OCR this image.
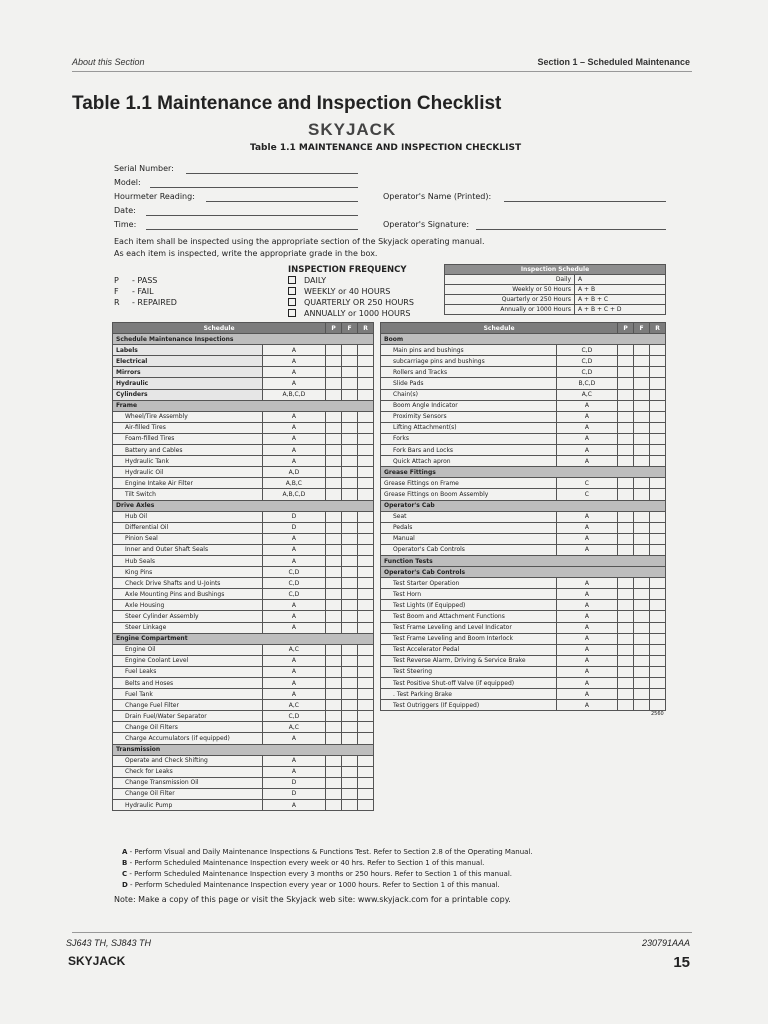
About this Section	Section 1 – Scheduled Maintenance
Table 1.1 Maintenance and Inspection Checklist
SKYJACK
Table 1.1 MAINTENANCE AND INSPECTION CHECKLIST
Serial Number:
Model:
Hourmeter Reading:
Date:
Time:
Operator's Name (Printed):
Operator's Signature:
Each item shall be inspected using the appropriate section of the Skyjack operating manual.
As each item is inspected, write the appropriate grade in the box.
P - PASS
F - FAIL
R - REPAIRED
INSPECTION FREQUENCY
DAILY
WEEKLY or 40 HOURS
QUARTERLY OR 250 HOURS
ANNUALLY or 1000 HOURS
Inspection Schedule	
Daily	A
Weekly or 50 Hours	A + B
Quarterly or 250 Hours	A + B + C
Annually or 1000 Hours	A + B + C + D
Schedule		P	F	R
Schedule Maintenance Inspections				
Labels	A			
Electrical	A			
Mirrors	A			
Hydraulic	A			
Cylinders	A,B,C,D			
Frame				
Wheel/Tire Assembly	A			
Air-filled Tires	A			
Foam-filled Tires	A			
Battery and Cables	A			
Hydraulic Tank	A			
Hydraulic Oil	A,D			
Engine Intake Air Filter	A,B,C			
Tilt Switch	A,B,C,D			
Drive Axles				
Hub Oil	D			
Differential Oil	D			
Pinion Seal	A			
Inner and Outer Shaft Seals	A			
Hub Seals	A			
King Pins	C,D			
Check Drive Shafts and U-Joints	C,D			
Axle Mounting Pins and Bushings	C,D			
Axle Housing	A			
Steer Cylinder Assembly	A			
Steer Linkage	A			
Engine Compartment				
Engine Oil	A,C			
Engine Coolant Level	A			
Fuel Leaks	A			
Belts and Hoses	A			
Fuel Tank	A			
Change Fuel Filter	A,C			
Drain Fuel/Water Separator	C,D			
Change Oil Filters	A,C			
Charge Accumulators (if equipped)	A			
Transmission				
Operate and Check Shifting	A			
Check for Leaks	A			
Change Transmission Oil	D			
Change Oil Filter	D			
Hydraulic Pump	A			
Schedule		P	F	R
Boom				
Main pins and bushings	C,D			
subcarriage pins and bushings	C,D			
Rollers and Tracks	C,D			
Slide Pads	B,C,D			
Chain(s)	A,C			
Boom Angle Indicator	A			
Proximity Sensors	A			
Lifting Attachment(s)	A			
Forks	A			
Fork Bars and Locks	A			
Quick Attach apron	A			
Grease Fittings				
Grease Fittings on Frame	C			
Grease Fittings on Boom Assembly	C			
Operator's Cab				
Seat	A			
Pedals	A			
Manual	A			
Operator's Cab Controls	A			
Function Tests				
Operator's Cab Controls				
Test Starter Operation	A			
Test Horn	A			
Test Lights (If Equipped)	A			
Test Boom and Attachment Functions	A			
Test Frame Leveling and Level Indicator	A			
Test Frame Leveling and Boom Interlock	A			
Test Accelerator Pedal	A			
Test Reverse Alarm, Driving & Service Brake	A			
Test Steering	A			
Test Positive Shut-off Valve (if equipped)	A			
. Test Parking Brake	A			
Test Outriggers (If Equipped)	A			
2560
A - Perform Visual and Daily Maintenance Inspections & Functions Test. Refer to Section 2.8 of the Operating Manual.
B - Perform Scheduled Maintenance Inspection every week or 40 hrs. Refer to Section 1 of this manual.
C - Perform Scheduled Maintenance Inspection every 3 months or 250 hours. Refer to Section 1 of this manual.
D - Perform Scheduled Maintenance Inspection every year or 1000 hours. Refer to Section 1 of this manual.
Note: Make a copy of this page or visit the Skyjack web site: www.skyjack.com for a printable copy.
SJ643 TH, SJ843 TH	230791AAA
SKYJACK	15
